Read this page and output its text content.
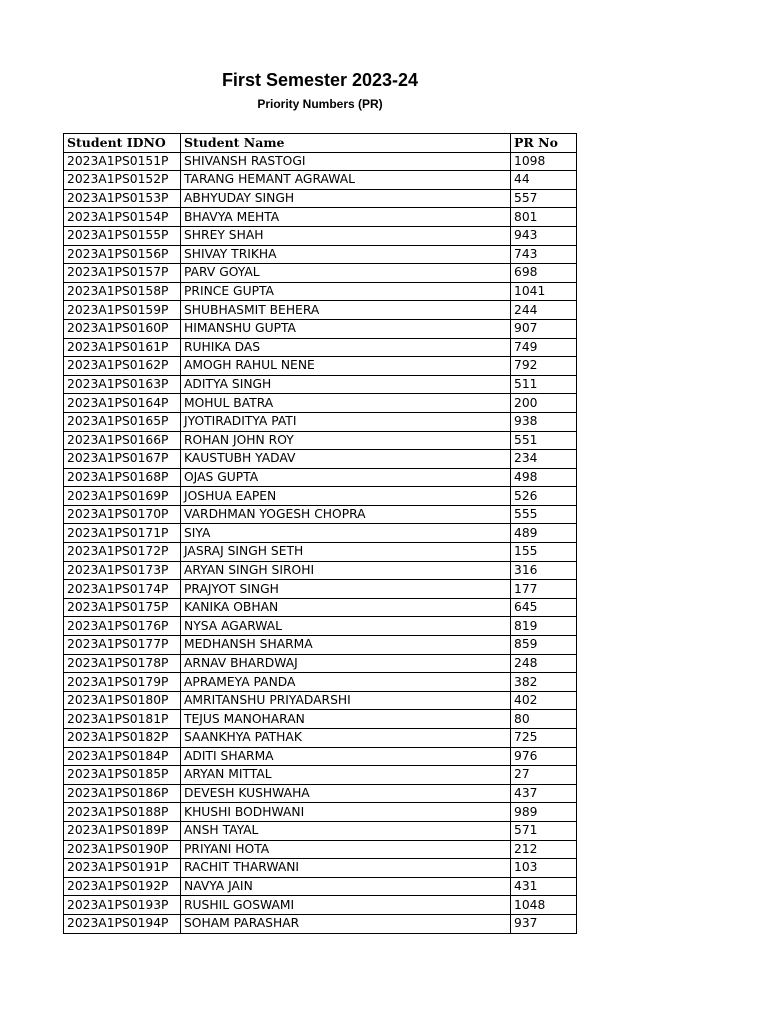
First Semester 2023-24
Priority Numbers (PR)
Student IDNO	Student Name	PR No
2023A1PS0151P	SHIVANSH RASTOGI	1098
2023A1PS0152P	TARANG HEMANT AGRAWAL	44
2023A1PS0153P	ABHYUDAY SINGH	557
2023A1PS0154P	BHAVYA MEHTA	801
2023A1PS0155P	SHREY SHAH	943
2023A1PS0156P	SHIVAY TRIKHA	743
2023A1PS0157P	PARV GOYAL	698
2023A1PS0158P	PRINCE GUPTA	1041
2023A1PS0159P	SHUBHASMIT BEHERA	244
2023A1PS0160P	HIMANSHU GUPTA	907
2023A1PS0161P	RUHIKA DAS	749
2023A1PS0162P	AMOGH RAHUL NENE	792
2023A1PS0163P	ADITYA SINGH	511
2023A1PS0164P	MOHUL BATRA	200
2023A1PS0165P	JYOTIRADITYA PATI	938
2023A1PS0166P	ROHAN JOHN ROY	551
2023A1PS0167P	KAUSTUBH YADAV	234
2023A1PS0168P	OJAS GUPTA	498
2023A1PS0169P	JOSHUA EAPEN	526
2023A1PS0170P	VARDHMAN YOGESH CHOPRA	555
2023A1PS0171P	SIYA	489
2023A1PS0172P	JASRAJ SINGH SETH	155
2023A1PS0173P	ARYAN SINGH SIROHI	316
2023A1PS0174P	PRAJYOT SINGH	177
2023A1PS0175P	KANIKA OBHAN	645
2023A1PS0176P	NYSA AGARWAL	819
2023A1PS0177P	MEDHANSH SHARMA	859
2023A1PS0178P	ARNAV BHARDWAJ	248
2023A1PS0179P	APRAMEYA PANDA	382
2023A1PS0180P	AMRITANSHU PRIYADARSHI	402
2023A1PS0181P	TEJUS MANOHARAN	80
2023A1PS0182P	SAANKHYA PATHAK	725
2023A1PS0184P	ADITI SHARMA	976
2023A1PS0185P	ARYAN MITTAL	27
2023A1PS0186P	DEVESH KUSHWAHA	437
2023A1PS0188P	KHUSHI BODHWANI	989
2023A1PS0189P	ANSH TAYAL	571
2023A1PS0190P	PRIYANI HOTA	212
2023A1PS0191P	RACHIT THARWANI	103
2023A1PS0192P	NAVYA JAIN	431
2023A1PS0193P	RUSHIL GOSWAMI	1048
2023A1PS0194P	SOHAM PARASHAR	937
